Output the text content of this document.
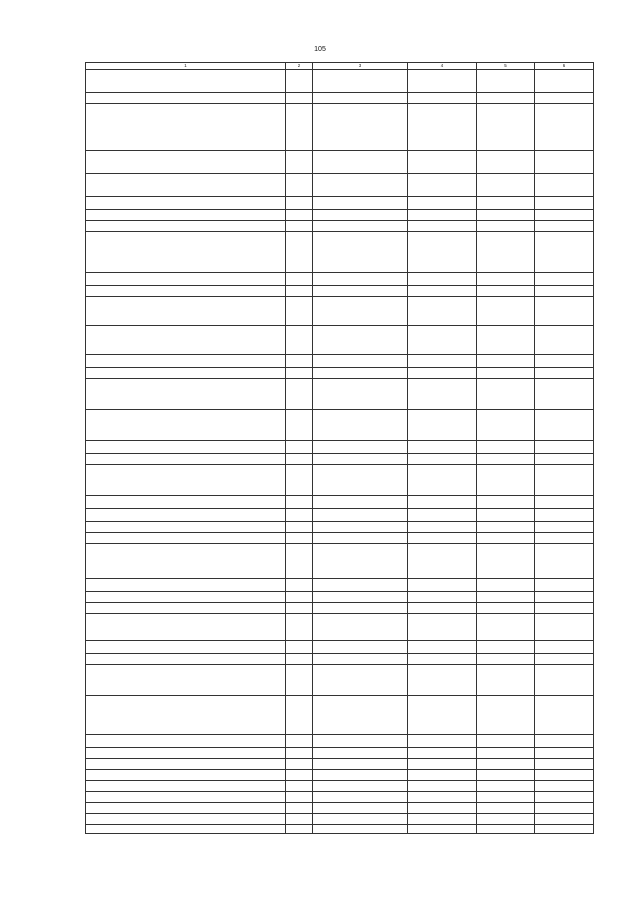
105
1	2	3	4	5	6
